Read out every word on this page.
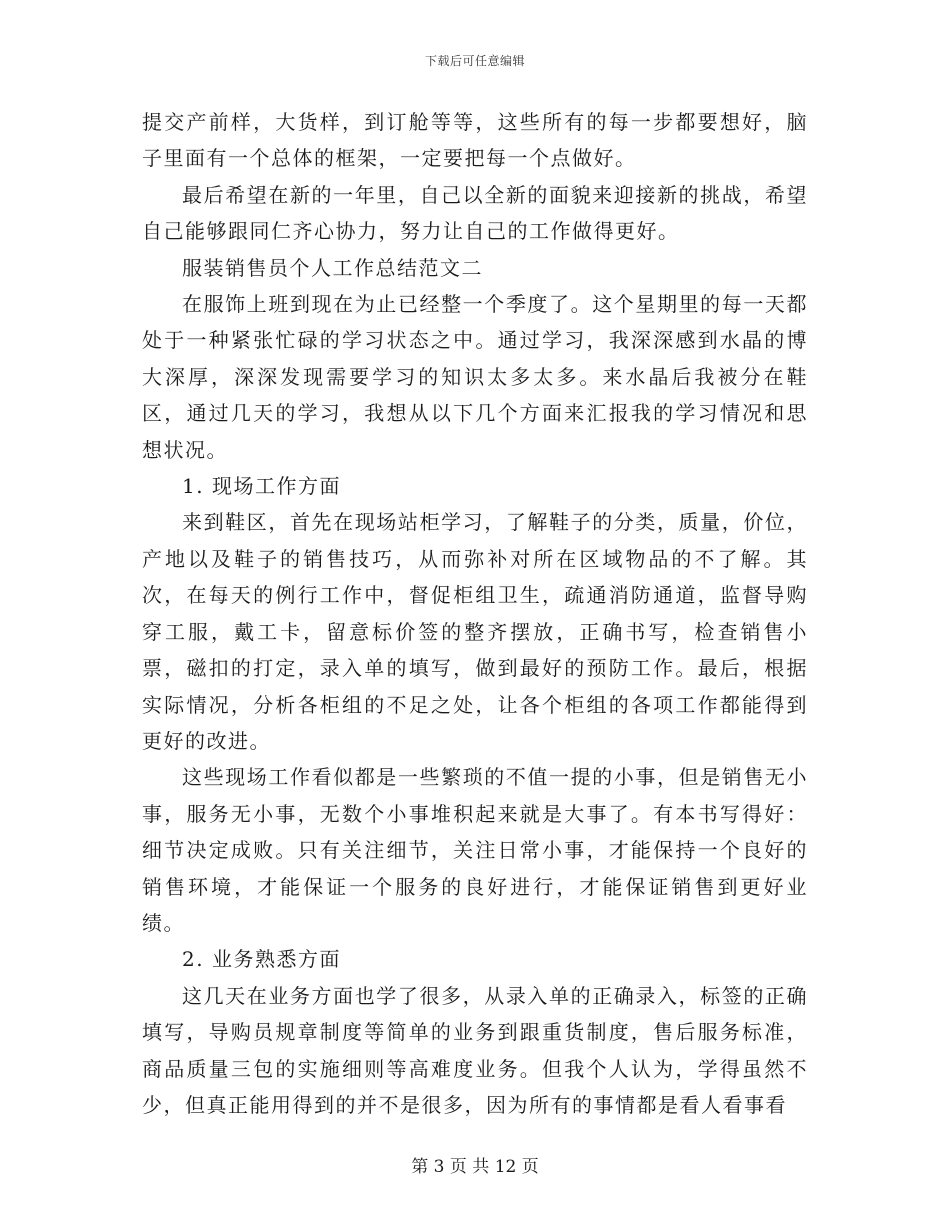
下载后可任意编辑

提交产前样，大货样，到订舱等等，这些所有的每一步都要想好，脑子里面有一个总体的框架，一定要把每一个点做好。

最后希望在新的一年里，自己以全新的面貌来迎接新的挑战，希望自己能够跟同仁齐心协力，努力让自己的工作做得更好。

服装销售员个人工作总结范文二

在服饰上班到现在为止已经整一个季度了。这个星期里的每一天都处于一种紧张忙碌的学习状态之中。通过学习，我深深感到水晶的博大深厚，深深发现需要学习的知识太多太多。来水晶后我被分在鞋区，通过几天的学习，我想从以下几个方面来汇报我的学习情况和思想状况。

1. 现场工作方面

来到鞋区，首先在现场站柜学习，了解鞋子的分类，质量，价位，产地以及鞋子的销售技巧，从而弥补对所在区域物品的不了解。其次，在每天的例行工作中，督促柜组卫生，疏通消防通道，监督导购穿工服，戴工卡，留意标价签的整齐摆放，正确书写，检查销售小票，磁扣的打定，录入单的填写，做到最好的预防工作。最后，根据实际情况，分析各柜组的不足之处，让各个柜组的各项工作都能得到更好的改进。

这些现场工作看似都是一些繁琐的不值一提的小事，但是销售无小事，服务无小事，无数个小事堆积起来就是大事了。有本书写得好：细节决定成败。只有关注细节，关注日常小事，才能保持一个良好的销售环境，才能保证一个服务的良好进行，才能保证销售到更好业绩。

2. 业务熟悉方面

这几天在业务方面也学了很多，从录入单的正确录入，标签的正确填写，导购员规章制度等简单的业务到跟重货制度，售后服务标准，商品质量三包的实施细则等高难度业务。但我个人认为，学得虽然不少，但真正能用得到的并不是很多，因为所有的事情都是看人看事看

第 3 页 共 12 页
